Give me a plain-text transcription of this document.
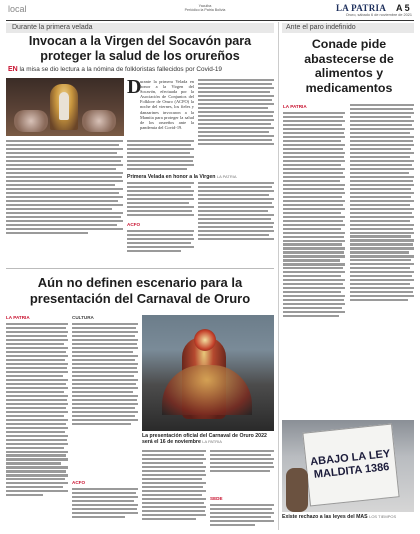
local	Yacuiba
Periódico la Patria Bolivia	LA PATRIA A 5
Oruro, sábado 6 de noviembre de 2021
Durante la primera velada
Invocan a la Virgen del Socavón para proteger la salud de los orureños
EN la misa se dio lectura a la nómina de folkloristas fallecidos por Covid-19
D
urante la primera Velada en honor a la Virgen del Socavón, efectuada por la Asociación de Conjuntos del Folklore de Oruro (ACFO) la noche del viernes, los fieles y danzarines invocaron a la Mamita para proteger la salud de los orureños ante la pandemia del Covid-19.
Primera Velada en honor a la Virgen LA PATRIA
ACFO
Aún no definen escenario para la presentación del Carnaval de Oruro
LA PATRIA	CULTURA
ACFO
La presentación oficial del Carnaval de Oruro 2022 será el 16 de noviembre LA PATRIA
SEDE
Ante el paro indefinido
Conade pide abastecerse de alimentos y medicamentos
LA PATRIA
ABAJO LA LEY MALDITA 1386
Existe rechazo a las leyes del MAS LOS TIEMPOS
